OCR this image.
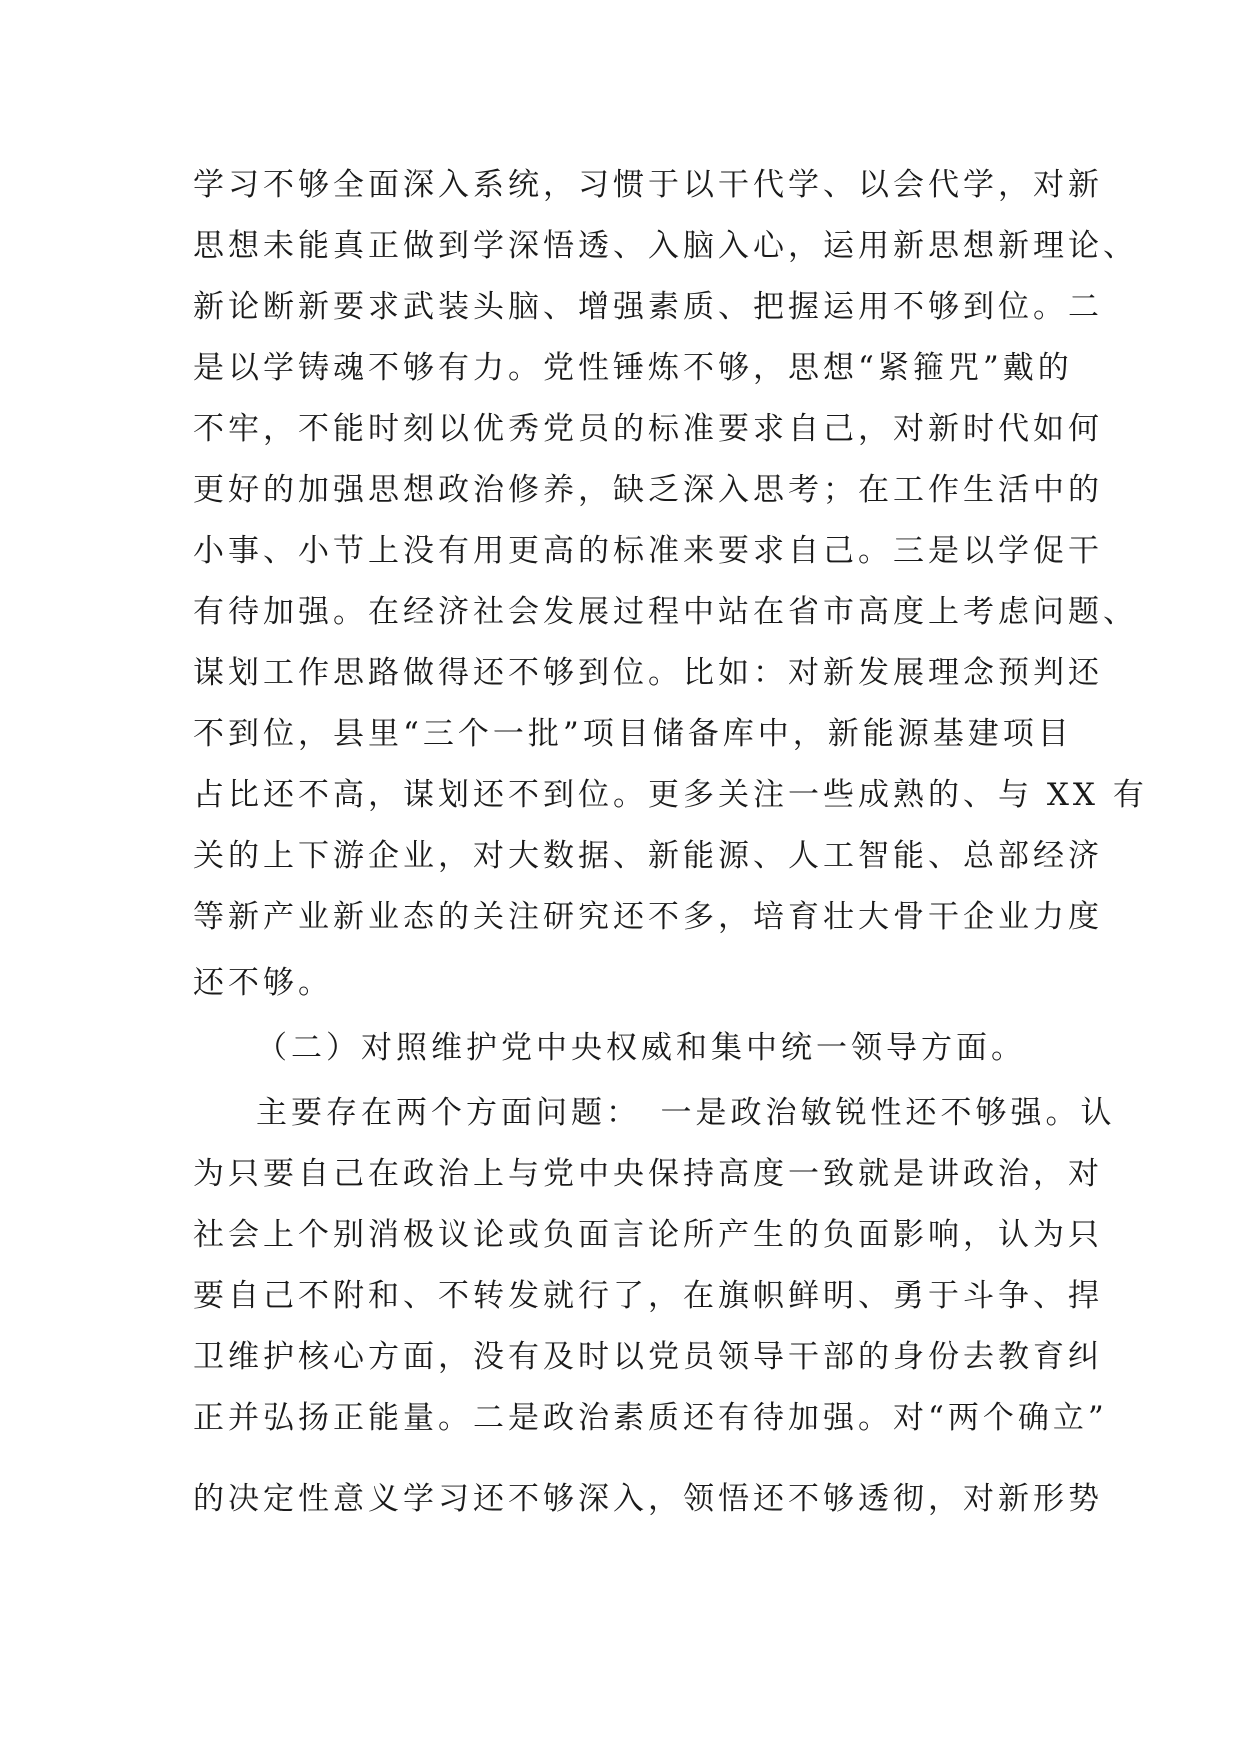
学习不够全面深入系统，习惯于以干代学、以会代学，对新
思想未能真正做到学深悟透、入脑入心，运用新思想新理论、
新论断新要求武装头脑、增强素质、把握运用不够到位。二
是以学铸魂不够有力。党性锤炼不够，思想“紧箍咒”戴的
不牢，不能时刻以优秀党员的标准要求自己，对新时代如何
更好的加强思想政治修养，缺乏深入思考；在工作生活中的
小事、小节上没有用更高的标准来要求自己。三是以学促干
有待加强。在经济社会发展过程中站在省市高度上考虑问题、
谋划工作思路做得还不够到位。比如：对新发展理念预判还
不到位，县里“三个一批”项目储备库中，新能源基建项目
占比还不高，谋划还不到位。更多关注一些成熟的、与 XX 有
关的上下游企业，对大数据、新能源、人工智能、总部经济
等新产业新业态的关注研究还不多，培育壮大骨干企业力度
还不够。
（二）对照维护党中央权威和集中统一领导方面。
主要存在两个方面问题：　一是政治敏锐性还不够强。认
为只要自己在政治上与党中央保持高度一致就是讲政治，对
社会上个别消极议论或负面言论所产生的负面影响，认为只
要自己不附和、不转发就行了，在旗帜鲜明、勇于斗争、捍
卫维护核心方面，没有及时以党员领导干部的身份去教育纠
正并弘扬正能量。二是政治素质还有待加强。对“两个确立”
的决定性意义学习还不够深入，领悟还不够透彻，对新形势
